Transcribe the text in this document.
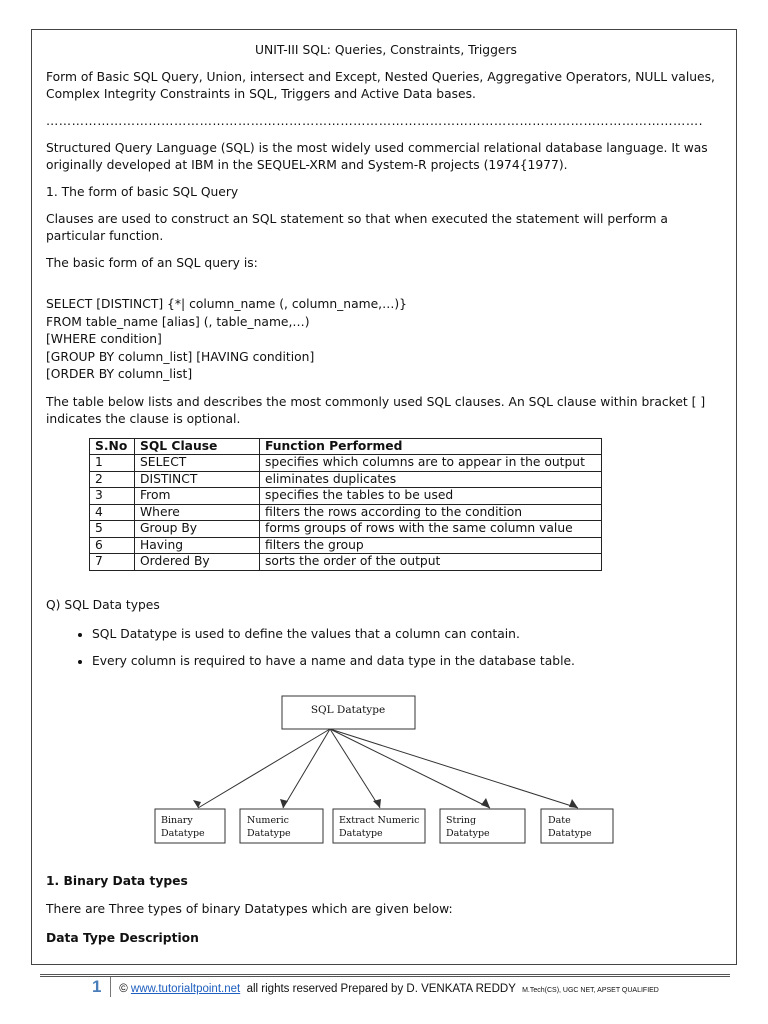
UNIT-III SQL: Queries, Constraints, Triggers

Form of Basic SQL Query, Union, intersect and Except, Nested Queries, Aggregative Operators, NULL values, Complex Integrity Constraints in SQL, Triggers and Active Data bases.

……………………………………………………………………………………………………………………………………….

Structured Query Language (SQL) is the most widely used commercial relational database language. It was originally developed at IBM in the SEQUEL-XRM and System-R projects (1974{1977).

1. The form of basic SQL Query

Clauses are used to construct an SQL statement so that when executed the statement will perform a particular function.

The basic form of an SQL query is:

SELECT [DISTINCT] {*| column_name (, column_name,…)}
FROM table_name [alias] (, table_name,…)
[WHERE condition]
[GROUP BY column_list] [HAVING condition]
[ORDER BY column_list]

The table below lists and describes the most commonly used SQL clauses. An SQL clause within bracket [ ] indicates the clause is optional.

S.No	SQL Clause	Function Performed
1	SELECT	specifies which columns are to appear in the output
2	DISTINCT	eliminates duplicates
3	From	specifies the tables to be used
4	Where	filters the rows according to the condition
5	Group By	forms groups of rows with the same column value
6	Having	filters the group
7	Ordered By	sorts the order of the output

Q) SQL Data types

• SQL Datatype is used to define the values that a column can contain.
• Every column is required to have a name and data type in the database table.
SQL Datatype
Binary
Datatype
Numeric
Datatype
Extract Numeric
Datatype
String
Datatype
Date
Datatype
1. Binary Data types
There are Three types of binary Datatypes which are given below:
Data Type Description
1 © www.tutorialtpoint.net  all rights reserved Prepared by D. VENKATA REDDY  M.Tech(CS), UGC NET, APSET QUALIFIED
